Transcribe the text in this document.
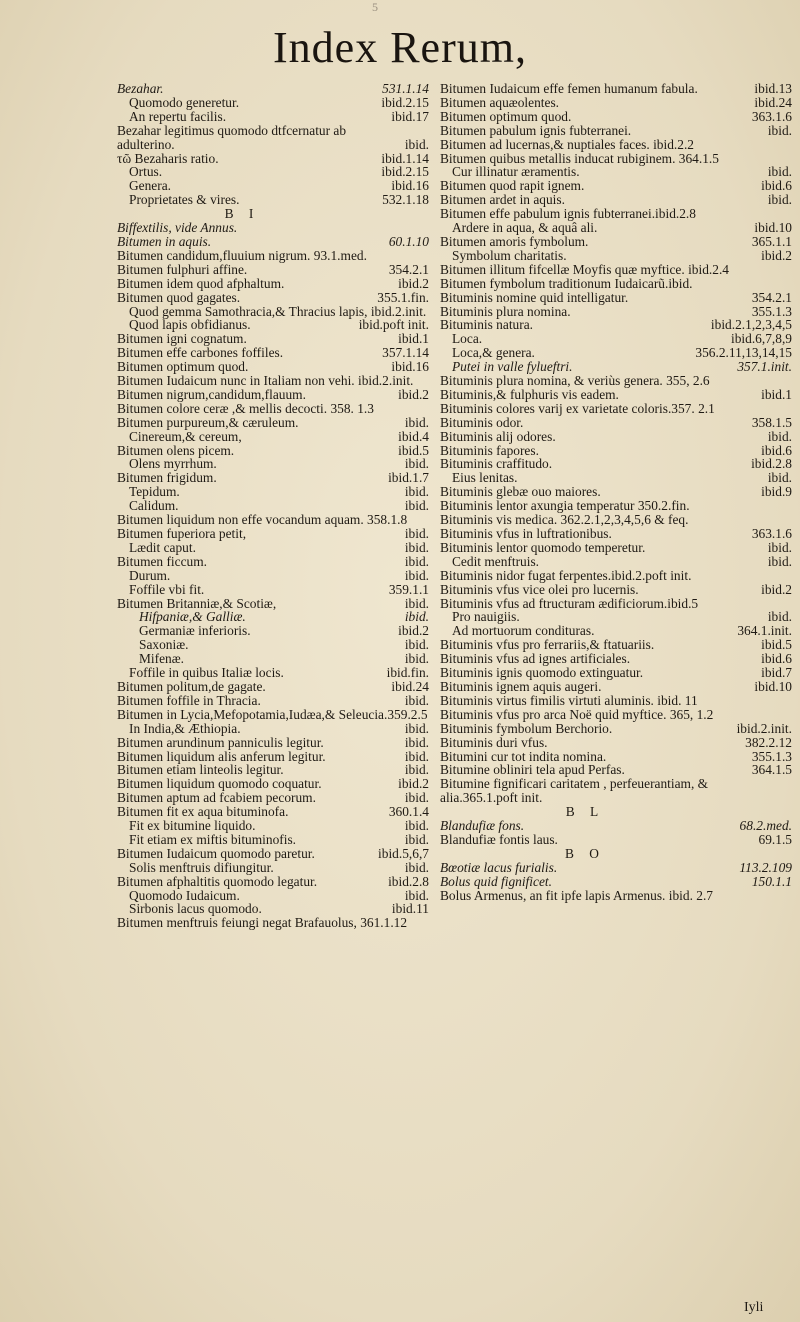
5
Index Rerum,
Bezahar.	531.1.14
Quomodo generetur.	ibid.2.15
An repertu facilis.	ibid.17
Bezahar legitimus quomodo dtfcernatur ab adulterino.	ibid.
τῶ Bezaharis ratio.	ibid.1.14
Ortus.	ibid.2.15
Genera.	ibid.16
Proprietates & vires.	532.1.18
B I
Biffextilis, vide Annus.
Bitumen in aquis.	60.1.10
Bitumen candidum,fluuium nigrum. 93.1.med.
Bitumen fulphuri affine.	354.2.1
Bitumen idem quod afphaltum.	ibid.2
Bitumen quod gagates.	355.1.fin.
Quod gemma Samothracia,& Thracius lapis, ibid.2.init.
Quod lapis obfidianus.	ibid.poft init.
Bitumen igni cognatum.	ibid.1
Bitumen effe carbones foffiles.	357.1.14
Bitumen optimum quod.	ibid.16
Bitumen Iudaicum nunc in Italiam non vehi. ibid.2.init.
Bitumen nigrum,candidum,flauum.	ibid.2
Bitumen colore ceræ ,& mellis decocti. 358. 1.3
Bitumen purpureum,& cæruleum.	ibid.
Cinereum,& cereum,	ibid.4
Bitumen olens picem.	ibid.5
Olens myrrhum.	ibid.
Bitumen frigidum.	ibid.1.7
Tepidum.	ibid.
Calidum.	ibid.
Bitumen liquidum non effe vocandum aquam. 358.1.8
Bitumen fuperiora petit,	ibid.
Lædit caput.	ibid.
Bitumen ficcum.	ibid.
Durum.	ibid.
Foffile vbi fit.	359.1.1
Bitumen Britanniæ,& Scotiæ,	ibid.
Hifpaniæ,& Galliæ.	ibid.
Germaniæ inferioris.	ibid.2
Saxoniæ.	ibid.
Mifenæ.	ibid.
Foffile in quibus Italiæ locis.	ibid.fin.
Bitumen politum,de gagate.	ibid.24
Bitumen foffile in Thracia.	ibid.
Bitumen in Lycia,Mefopotamia,Iudæa,& Seleucia.359.2.5
In India,& Æthiopia.	ibid.
Bitumen arundinum panniculis legitur.	ibid.
Bitumen liquidum alis anferum legitur.	ibid.
Bitumen etiam linteolis legitur.	ibid.
Bitumen liquidum quomodo coquatur.	ibid.2
Bitumen aptum ad fcabiem pecorum.	ibid.
Bitumen fit ex aqua bituminofa.	360.1.4
Fit ex bitumine liquido.	ibid.
Fit etiam ex miftis bituminofis.	ibid.
Bitumen Iudaicum quomodo paretur.	ibid.5,6,7
Solis menftruis difiungitur.	ibid.
Bitumen afphaltitis quomodo legatur.	ibid.2.8
Quomodo Iudaicum.	ibid.
Sirbonis lacus quomodo.	ibid.11
Bitumen menftruis feiungi negat Brafauolus, 361.1.12
Bitumen Iudaicum effe femen humanum fabula.	ibid.13
Bitumen aquæolentes.	ibid.24
Bitumen optimum quod.	363.1.6
Bitumen pabulum ignis fubterranei.	ibid.
Bitumen ad lucernas,& nuptiales faces. ibid.2.2
Bitumen quibus metallis inducat rubiginem. 364.1.5
Cur illinatur æramentis.	ibid.
Bitumen quod rapit ignem.	ibid.6
Bitumen ardet in aquis.	ibid.
Bitumen effe pabulum ignis fubterranei.ibid.2.8
Ardere in aqua, & aquâ ali.	ibid.10
Bitumen amoris fymbolum.	365.1.1
Symbolum charitatis.	ibid.2
Bitumen illitum fifcellæ Moyfis quæ myftice. ibid.2.4
Bitumen fymbolum traditionum Iudaicarũ.ibid.
Bituminis nomine quid intelligatur.	354.2.1
Bituminis plura nomina.	355.1.3
Bituminis natura.	ibid.2.1,2,3,4,5
Loca.	ibid.6,7,8,9
Loca,& genera.	356.2.11,13,14,15
Putei in valle fylueftri.	357.1.init.
Bituminis plura nomina, & veriùs genera. 355, 2.6
Bituminis,& fulphuris vis eadem.	ibid.1
Bituminis colores varij ex varietate coloris.357. 2.1
Bituminis odor.	358.1.5
Bituminis alij odores.	ibid.
Bituminis fapores.	ibid.6
Bituminis craffitudo.	ibid.2.8
Eius lenitas.	ibid.
Bituminis glebæ ouo maiores.	ibid.9
Bituminis lentor axungia temperatur 350.2.fin.
Bituminis vis medica. 362.2.1,2,3,4,5,6 & feq.
Bituminis vfus in luftrationibus.	363.1.6
Bituminis lentor quomodo temperetur.	ibid.
Cedit menftruis.	ibid.
Bituminis nidor fugat ferpentes.ibid.2.poft init.
Bituminis vfus vice olei pro lucernis.	ibid.2
Bituminis vfus ad ftructuram ædificiorum.ibid.5
Pro nauigiis.	ibid.
Ad mortuorum condituras.	364.1.init.
Bituminis vfus pro ferrariis,& ftatuariis.	ibid.5
Bituminis vfus ad ignes artificiales.	ibid.6
Bituminis ignis quomodo extinguatur.	ibid.7
Bituminis ignem aquis augeri.	ibid.10
Bituminis virtus fimilis virtuti aluminis. ibid. 11
Bituminis vfus pro arca Noë quid myftice. 365, 1.2
Bituminis fymbolum Berchorio.	ibid.2.init.
Bituminis duri vfus.	382.2.12
Bitumini cur tot indita nomina.	355.1.3
Bitumine obliniri tela apud Perfas.	364.1.5
Bitumine fignificari caritatem , perfeuerantiam, & alia.365.1.poft init.
B L
Blandufiæ fons.	68.2.med.
Blandufiæ fontis laus.	69.1.5
B O
Bœotiæ lacus furialis.	113.2.109
Bolus quid fignificet.	150.1.1
Bolus Armenus, an fit ipfe lapis Armenus. ibid. 2.7
Iyli
